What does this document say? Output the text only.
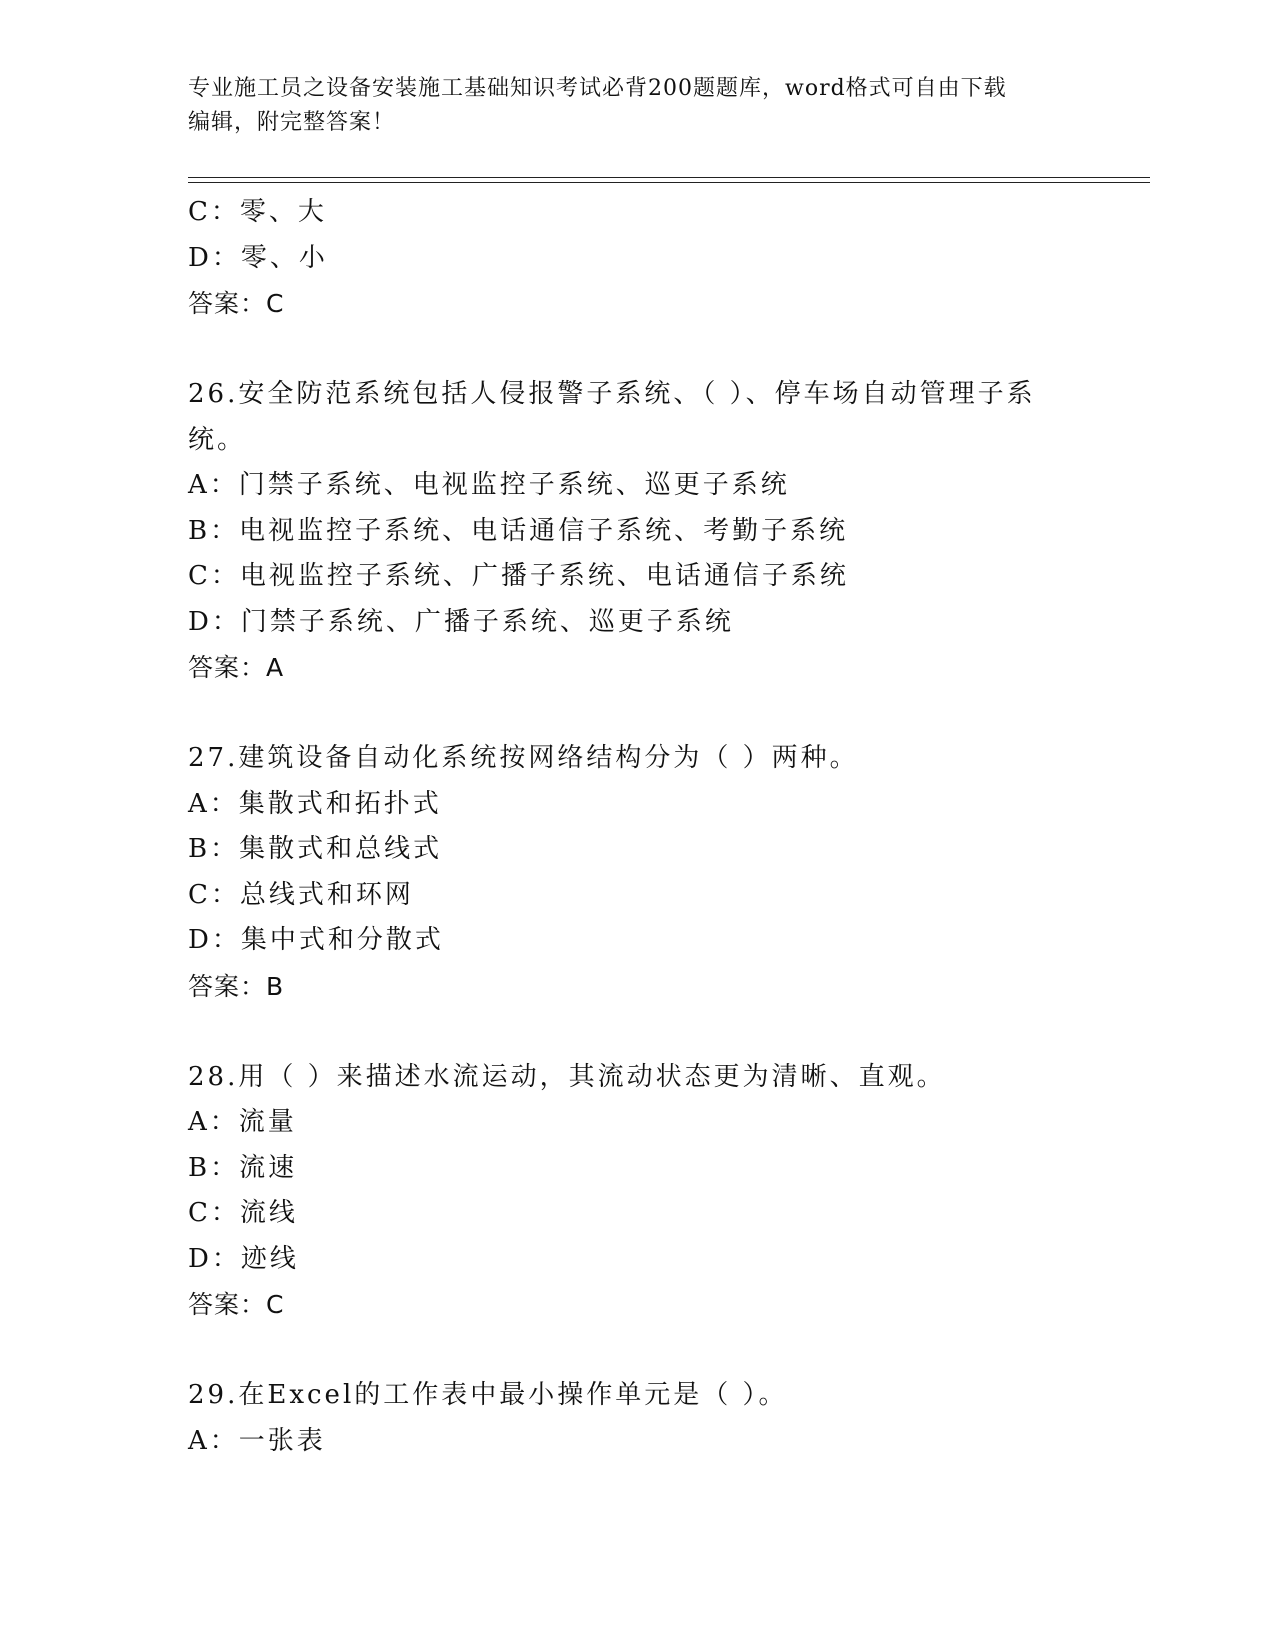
专业施工员之设备安装施工基础知识考试必背200题题库，word格式可自由下载
编辑，附完整答案！
C：零、大
D：零、小
答案：C
26.安全防范系统包括人侵报警子系统、（ ）、停车场自动管理子系
统。
A：门禁子系统、电视监控子系统、巡更子系统
B：电视监控子系统、电话通信子系统、考勤子系统
C：电视监控子系统、广播子系统、电话通信子系统
D：门禁子系统、广播子系统、巡更子系统
答案：A
27.建筑设备自动化系统按网络结构分为（ ）两种。
A：集散式和拓扑式
B：集散式和总线式
C：总线式和环网
D：集中式和分散式
答案：B
28.用（ ）来描述水流运动，其流动状态更为清晰、直观。
A：流量
B：流速
C：流线
D：迹线
答案：C
29.在Excel的工作表中最小操作单元是（ ）。
A：一张表
